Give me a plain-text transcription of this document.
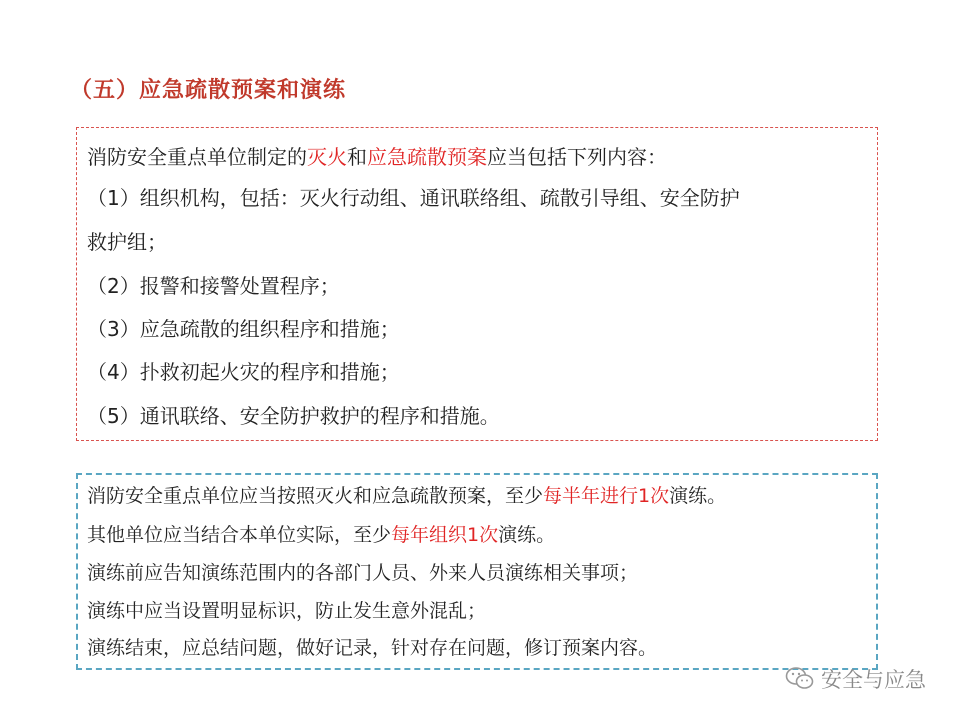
（五）应急疏散预案和演练
消防安全重点单位制定的灭火和应急疏散预案应当包括下列内容：
（1）组织机构，包括：灭火行动组、通讯联络组、疏散引导组、安全防护
救护组；
（2）报警和接警处置程序；
（3）应急疏散的组织程序和措施；
（4）扑救初起火灾的程序和措施；
（5）通讯联络、安全防护救护的程序和措施。
消防安全重点单位应当按照灭火和应急疏散预案，至少每半年进行1次演练。
其他单位应当结合本单位实际，至少每年组织1次演练。
演练前应告知演练范围内的各部门人员、外来人员演练相关事项；
演练中应当设置明显标识，防止发生意外混乱；
演练结束，应总结问题，做好记录，针对存在问题，修订预案内容。
安全与应急
